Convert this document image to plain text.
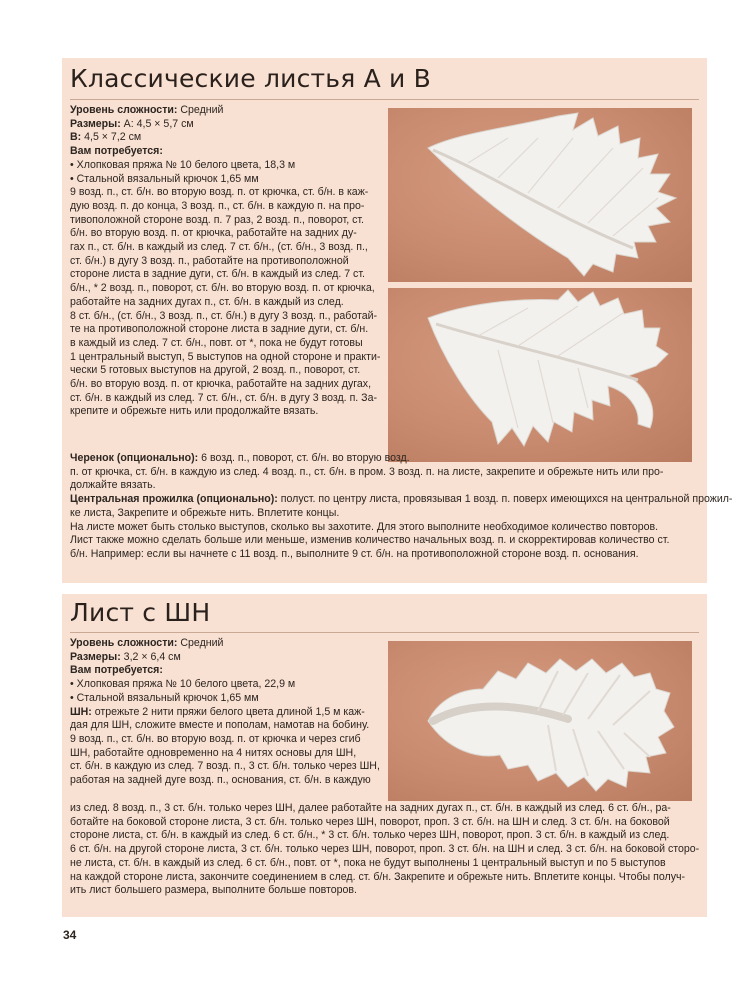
Классические листья А и В
Уровень сложности: Средний
Размеры: А: 4,5 × 5,7 см
В: 4,5 × 7,2 см
Вам потребуется:
• Хлопковая пряжа № 10 белого цвета, 18,3 м
• Стальной вязальный крючок 1,65 мм
9 возд. п., ст. б/н. во вторую возд. п. от крючка, ст. б/н. в каж-
дую возд. п. до конца, 3 возд. п., ст. б/н. в каждую п. на про-
тивоположной стороне возд. п. 7 раз, 2 возд. п., поворот, ст.
б/н. во вторую возд. п. от крючка, работайте на задних ду-
гах п., ст. б/н. в каждый из след. 7 ст. б/н., (ст. б/н., 3 возд. п.,
ст. б/н.) в дугу 3 возд. п., работайте на противоположной
стороне листа в задние дуги, ст. б/н. в каждый из след. 7 ст.
б/н., * 2 возд. п., поворот, ст. б/н. во вторую возд. п. от крючка,
работайте на задних дугах п., ст. б/н. в каждый из след.
8 ст. б/н., (ст. б/н., 3 возд. п., ст. б/н.) в дугу 3 возд. п., работай-
те на противоположной стороне листа в задние дуги, ст. б/н.
в каждый из след. 7 ст. б/н., повт. от *, пока не будут готовы
1 центральный выступ, 5 выступов на одной стороне и практи-
чески 5 готовых выступов на другой, 2 возд. п., поворот, ст.
б/н. во вторую возд. п. от крючка, работайте на задних дугах,
ст. б/н. в каждый из след. 7 ст. б/н., ст. б/н. в дугу 3 возд. п. За-
крепите и обрежьте нить или продолжайте вязать.
Черенок (опционально): 6 возд. п., поворот, ст. б/н. во вторую возд.
п. от крючка, ст. б/н. в каждую из след. 4 возд. п., ст. б/н. в пром. 3 возд. п. на листе, закрепите и обрежьте нить или про-
должайте вязать.
Центральная прожилка (опционально): полуст. по центру листа, провязывая 1 возд. п. поверх имеющихся на центральной прожил-
ке листа, Закрепите и обрежьте нить. Вплетите концы.
На листе может быть столько выступов, сколько вы захотите. Для этого выполните необходимое количество повторов.
Лист также можно сделать больше или меньше, изменив количество начальных возд. п. и скорректировав количество ст.
б/н. Например: если вы начнете с 11 возд. п., выполните 9 ст. б/н. на противоположной стороне возд. п. основания.
Лист с ШН
Уровень сложности: Средний
Размеры: 3,2 × 6,4 см
Вам потребуется:
• Хлопковая пряжа № 10 белого цвета, 22,9 м
• Стальной вязальный крючок 1,65 мм
ШН: отрежьте 2 нити пряжи белого цвета длиной 1,5 м каж-
дая для ШН, сложите вместе и пополам, намотав на бобину.
9 возд. п., ст. б/н. во вторую возд. п. от крючка и через сгиб
ШН, работайте одновременно на 4 нитях основы для ШН,
ст. б/н. в каждую из след. 7 возд. п., 3 ст. б/н. только через ШН,
работая на задней дуге возд. п., основания, ст. б/н. в каждую
из след. 8 возд. п., 3 ст. б/н. только через ШН, далее работайте на задних дугах п., ст. б/н. в каждый из след. 6 ст. б/н., ра-
ботайте на боковой стороне листа, 3 ст. б/н. только через ШН, поворот, проп. 3 ст. б/н. на ШН и след. 3 ст. б/н. на боковой
стороне листа, ст. б/н. в каждый из след. 6 ст. б/н., * 3 ст. б/н. только через ШН, поворот, проп. 3 ст. б/н. в каждый из след.
6 ст. б/н. на другой стороне листа, 3 ст. б/н. только через ШН, поворот, проп. 3 ст. б/н. на ШН и след. 3 ст. б/н. на боковой сторо-
не листа, ст. б/н. в каждый из след. 6 ст. б/н., повт. от *, пока не будут выполнены 1 центральный выступ и по 5 выступов
на каждой стороне листа, закончите соединением в след. ст. б/н. Закрепите и обрежьте нить. Вплетите концы. Чтобы получ-
ить лист большего размера, выполните больше повторов.
34
